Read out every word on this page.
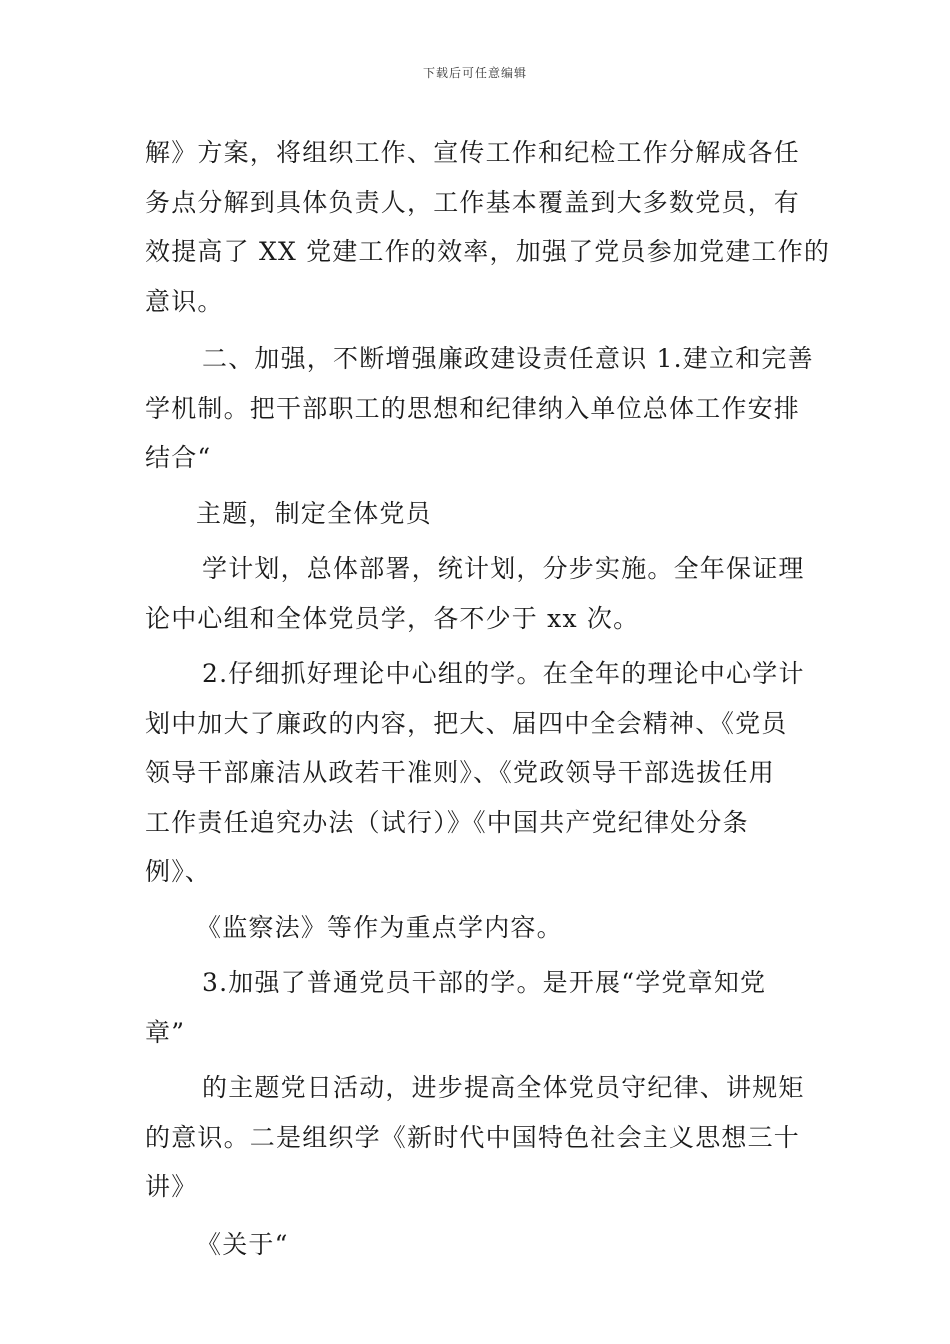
下载后可任意编辑
解》方案，将组织工作、宣传工作和纪检工作分解成各任
务点分解到具体负责人，工作基本覆盖到大多数党员，有
效提高了 XX 党建工作的效率，加强了党员参加党建工作的
意识。
二、加强，不断增强廉政建设责任意识 1.建立和完善
学机制。把干部职工的思想和纪律纳入单位总体工作安排
结合“
主题，制定全体党员
学计划，总体部署，统计划，分步实施。全年保证理
论中心组和全体党员学，各不少于 xx 次。
2.仔细抓好理论中心组的学。在全年的理论中心学计
划中加大了廉政的内容，把大、届四中全会精神、《党员
领导干部廉洁从政若干准则》、《党政领导干部选拔任用
工作责任追究办法（试行）》《中国共产党纪律处分条
例》、
《监察法》等作为重点学内容。
3.加强了普通党员干部的学。是开展“学党章知党
章”
的主题党日活动，进步提高全体党员守纪律、讲规矩
的意识。二是组织学《新时代中国特色社会主义思想三十
讲》
《关于“
